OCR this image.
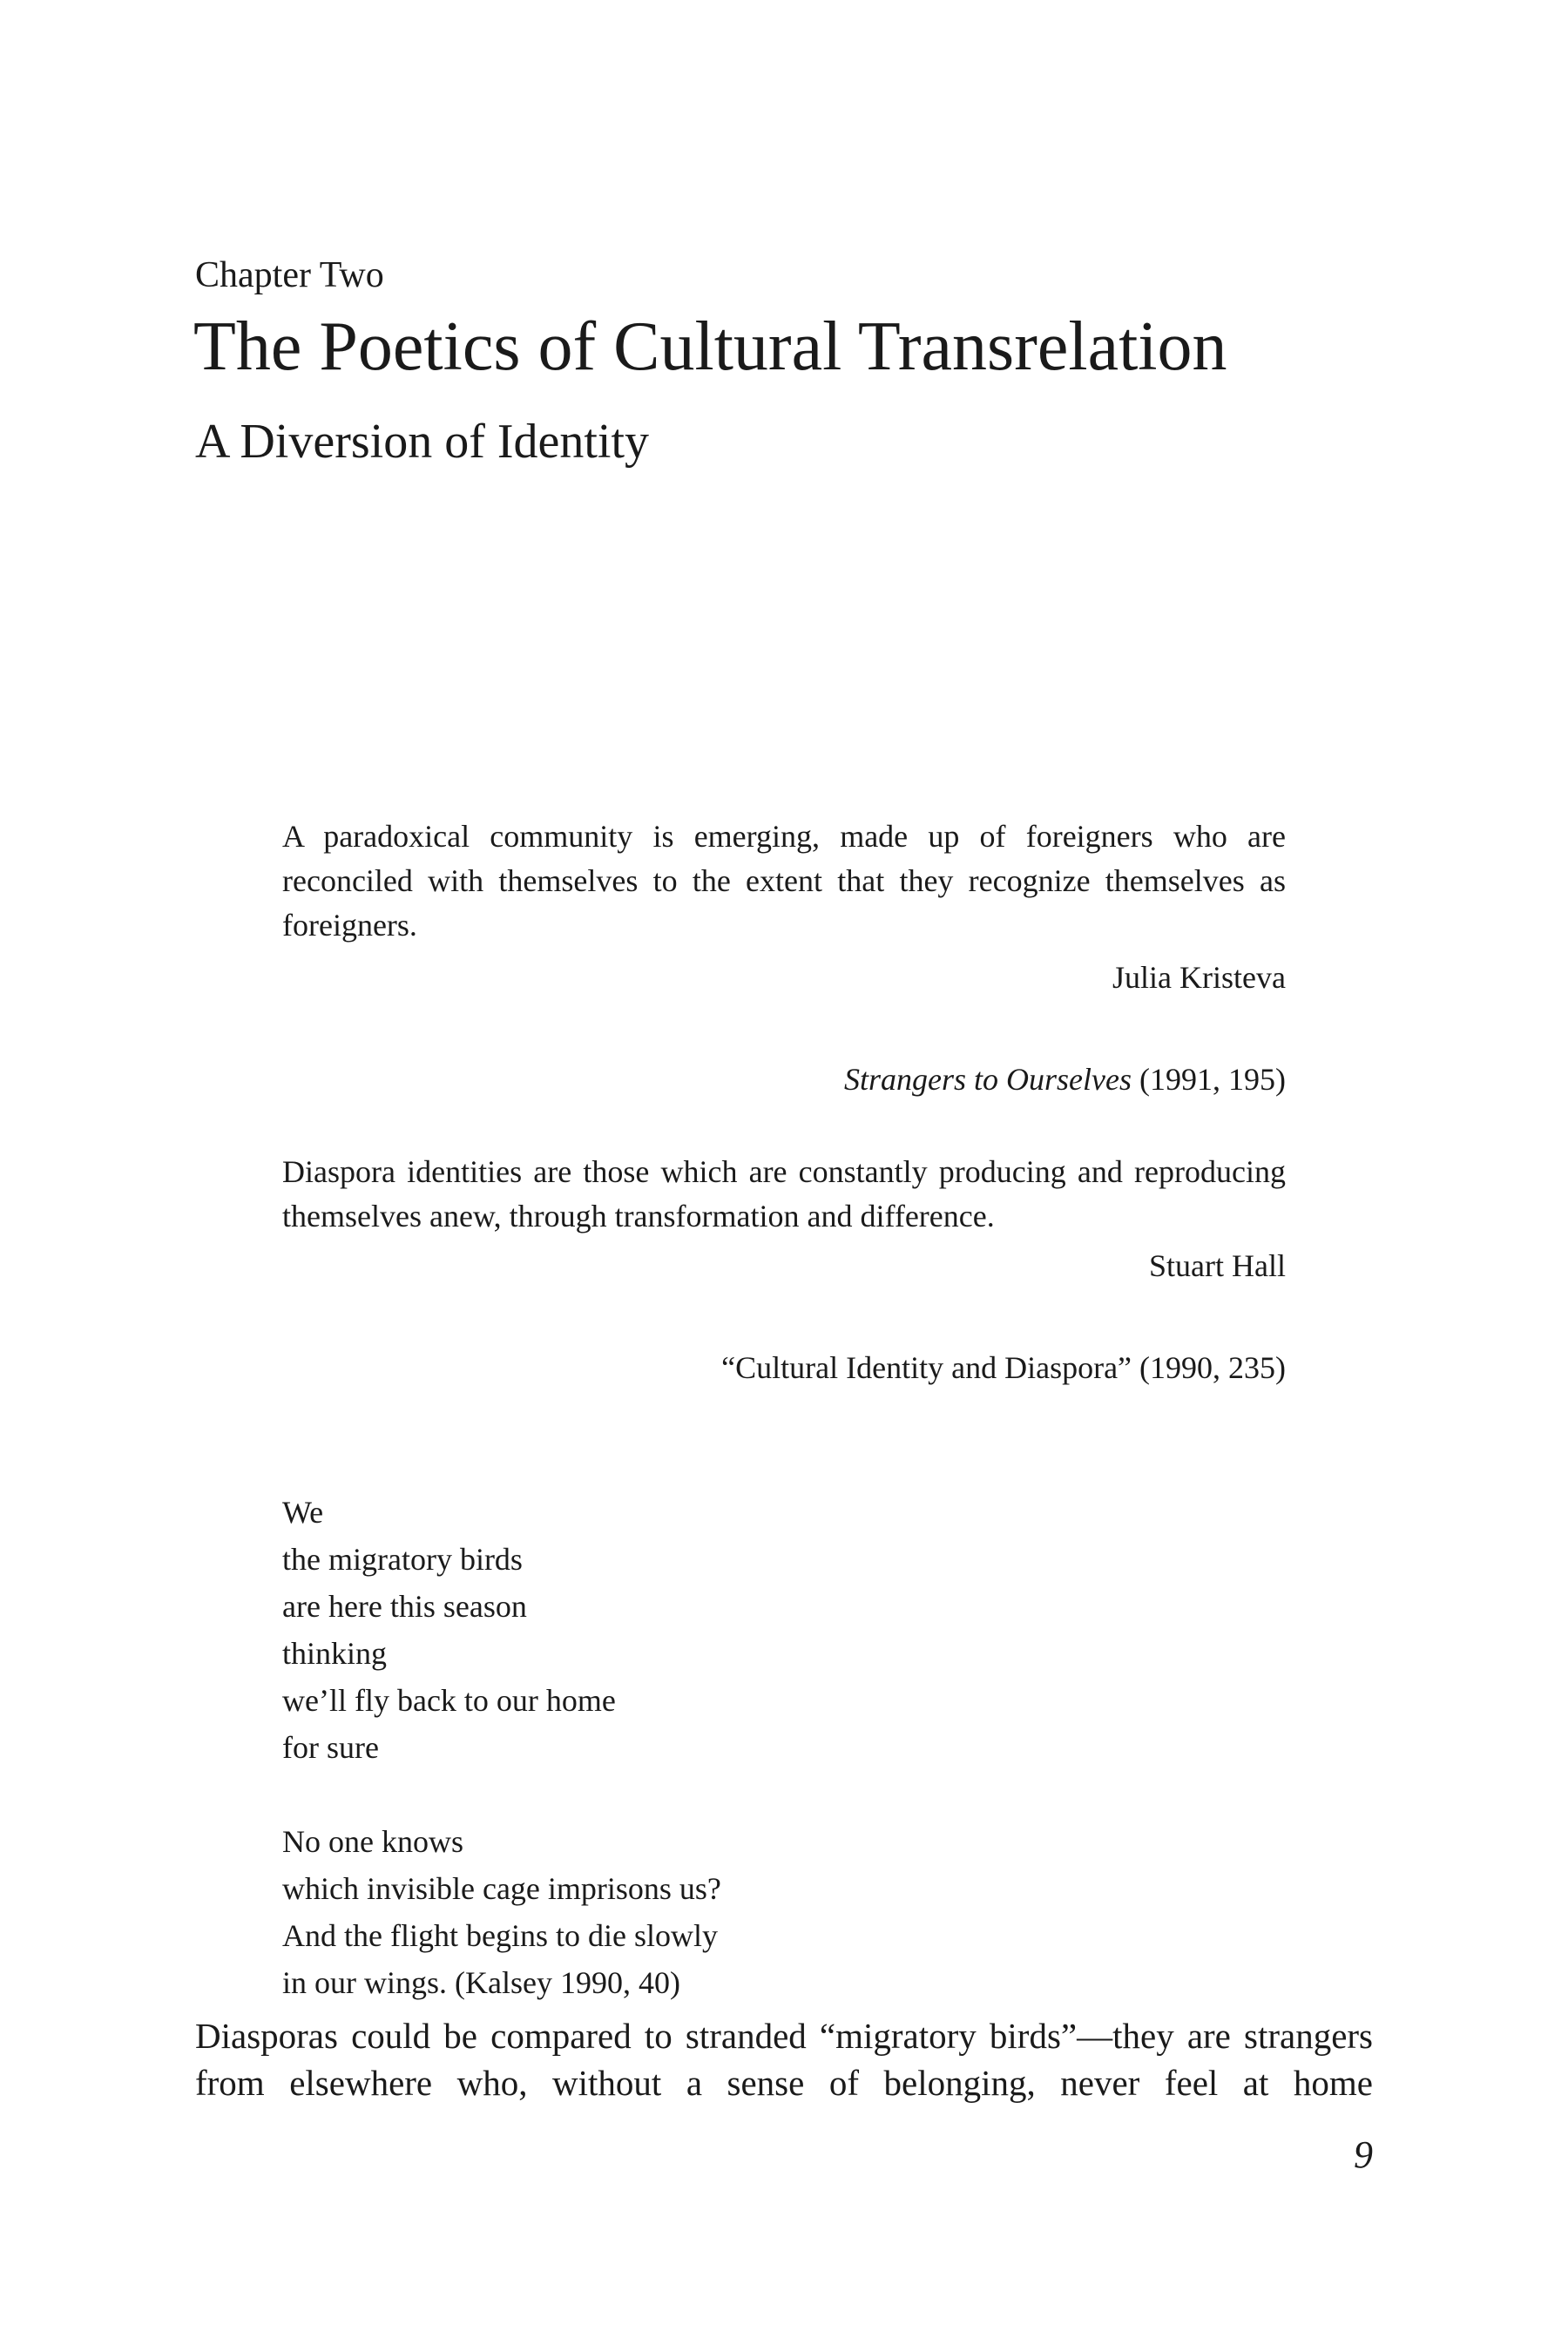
Chapter Two
The Poetics of Cultural Transrelation
A Diversion of Identity
A paradoxical community is emerging, made up of foreigners who are reconciled with themselves to the extent that they recognize themselves as foreigners.
Julia Kristeva
Strangers to Ourselves (1991, 195)
Diaspora identities are those which are constantly producing and reproducing themselves anew, through transformation and difference.
Stuart Hall
“Cultural Identity and Diaspora” (1990, 235)
We
the migratory birds
are here this season
thinking
we’ll fly back to our home
for sure
No one knows
which invisible cage imprisons us?
And the flight begins to die slowly
in our wings. (Kalsey 1990, 40)
Diasporas could be compared to stranded “migratory birds”—they are strangers from elsewhere who, without a sense of belonging, never feel at home
9
